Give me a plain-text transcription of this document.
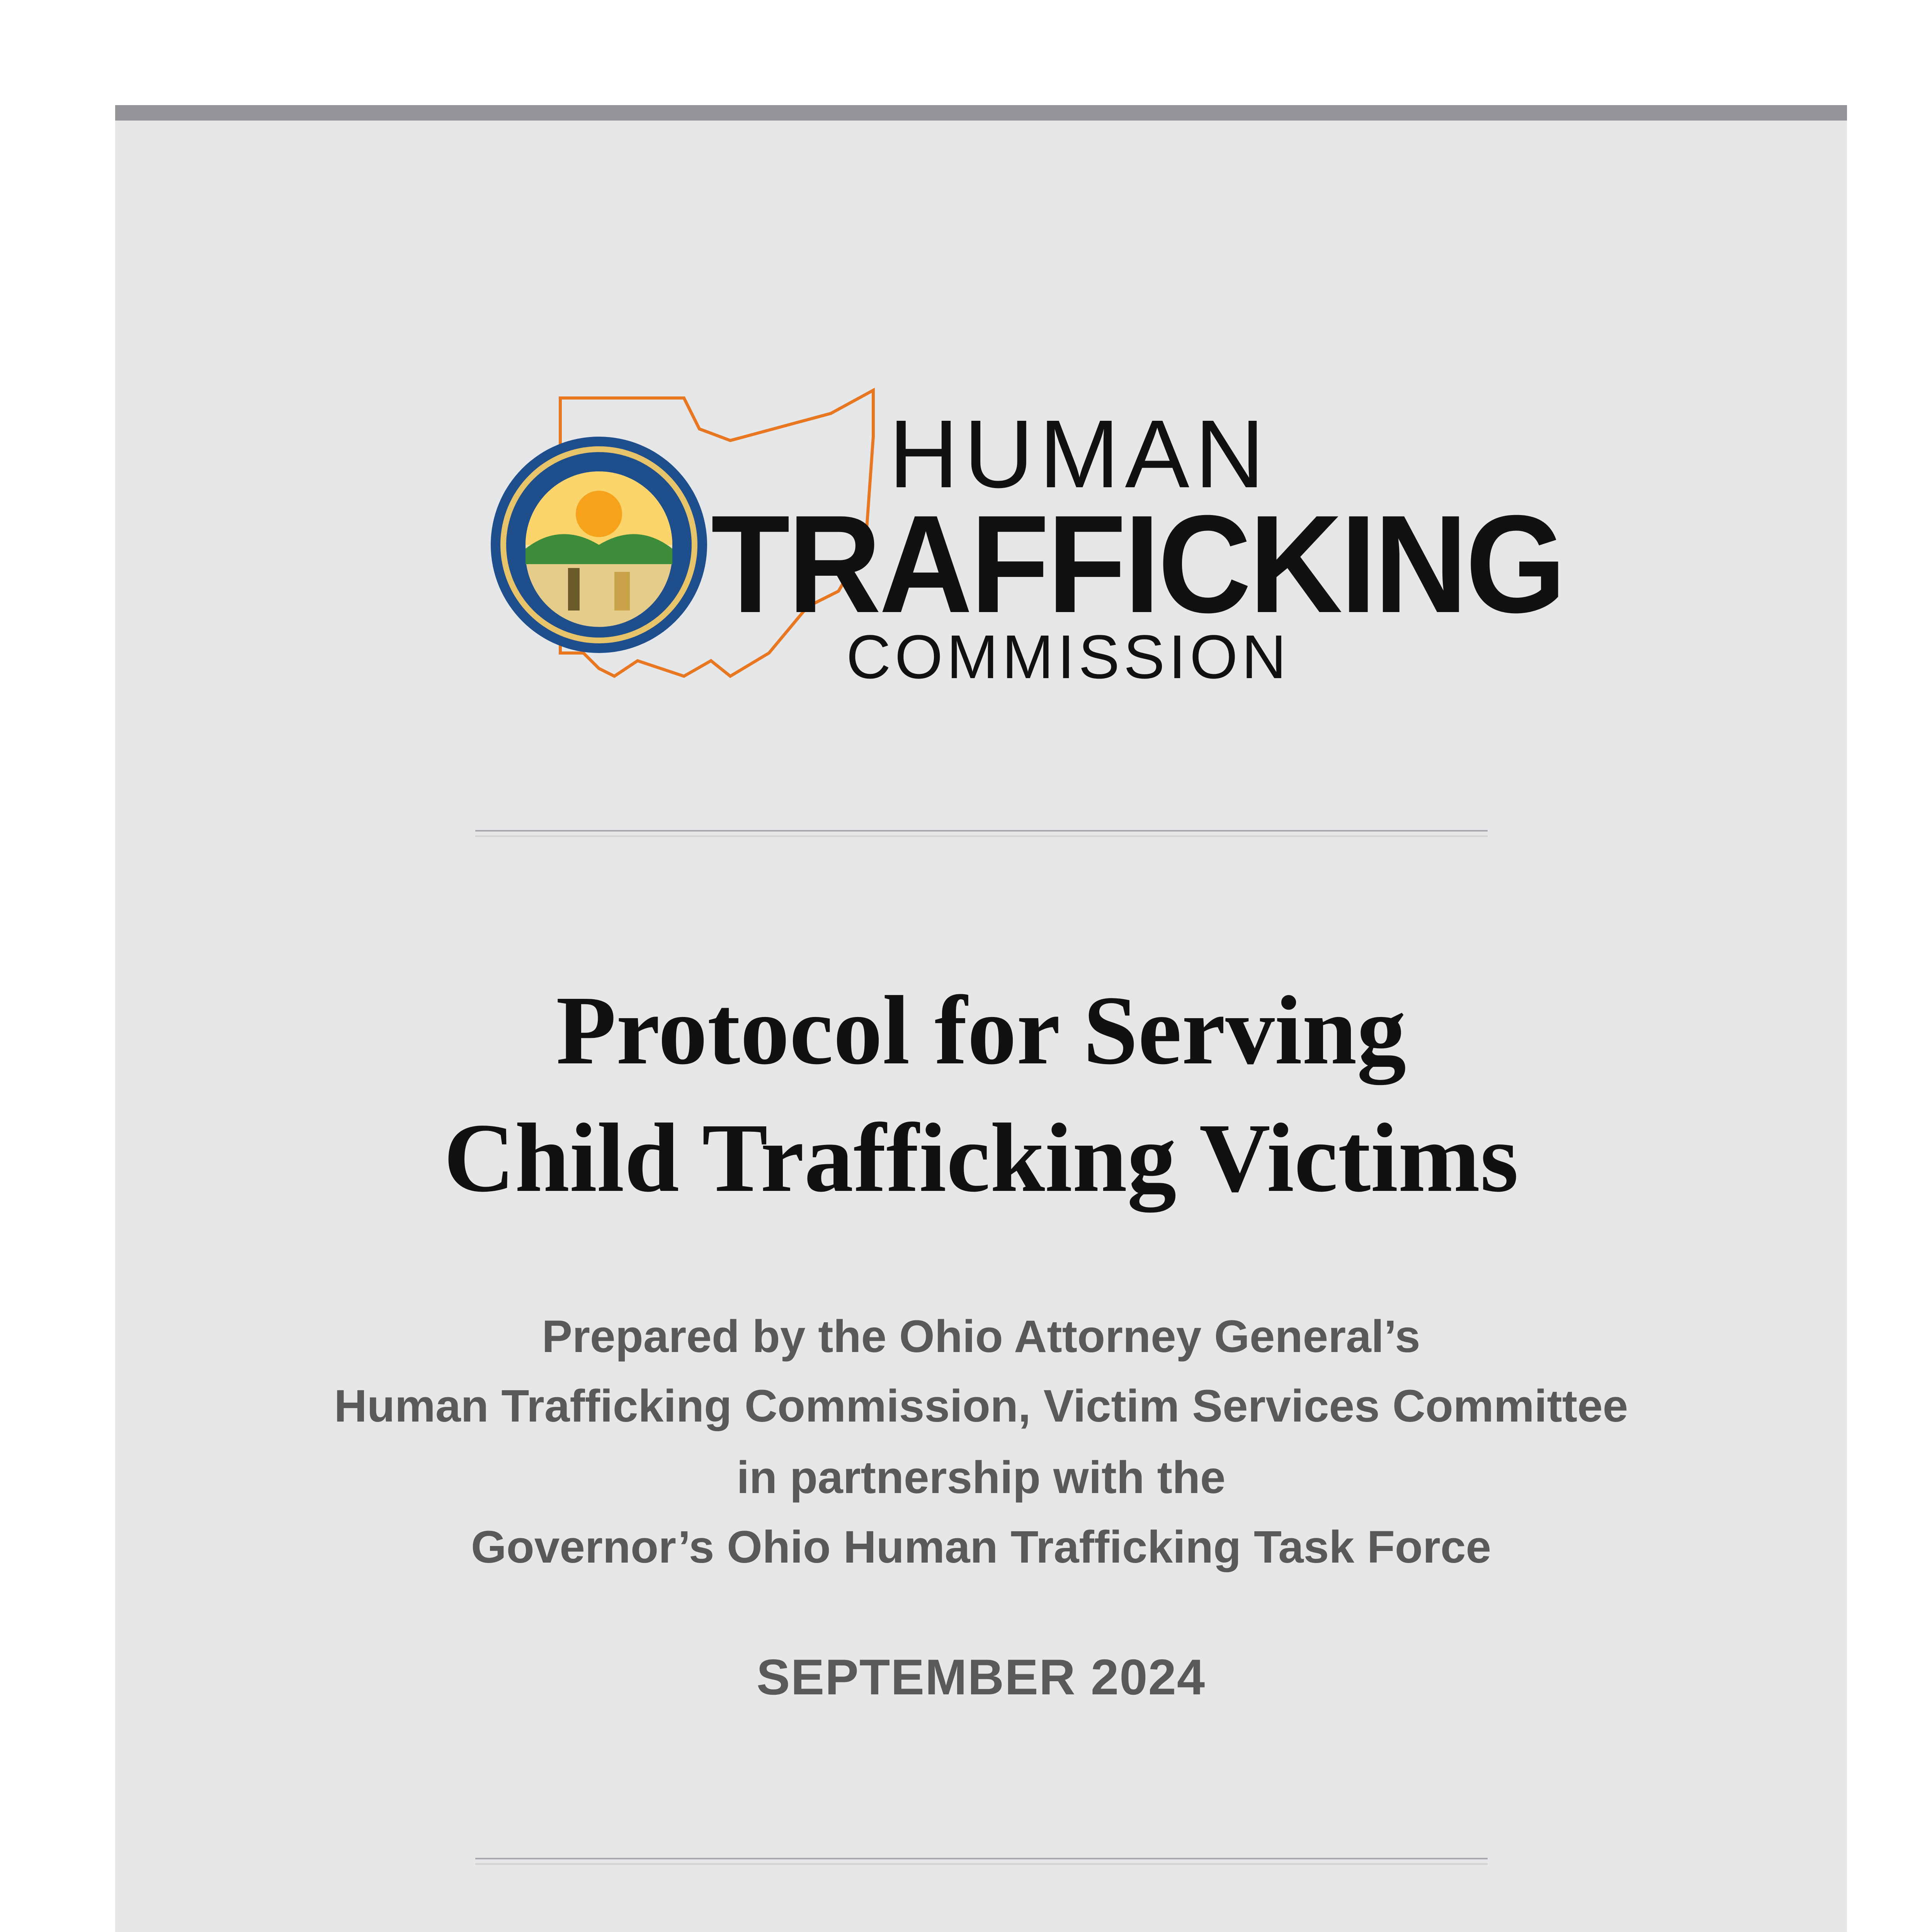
HUMAN
TRAFFICKING
COMMISSION
Protocol for Serving
Child Trafficking Victims
Prepared by the Ohio Attorney General’s
Human Trafficking Commission, Victim Services Committee
in partnership with the
Governor’s Ohio Human Trafficking Task Force
SEPTEMBER 2024
